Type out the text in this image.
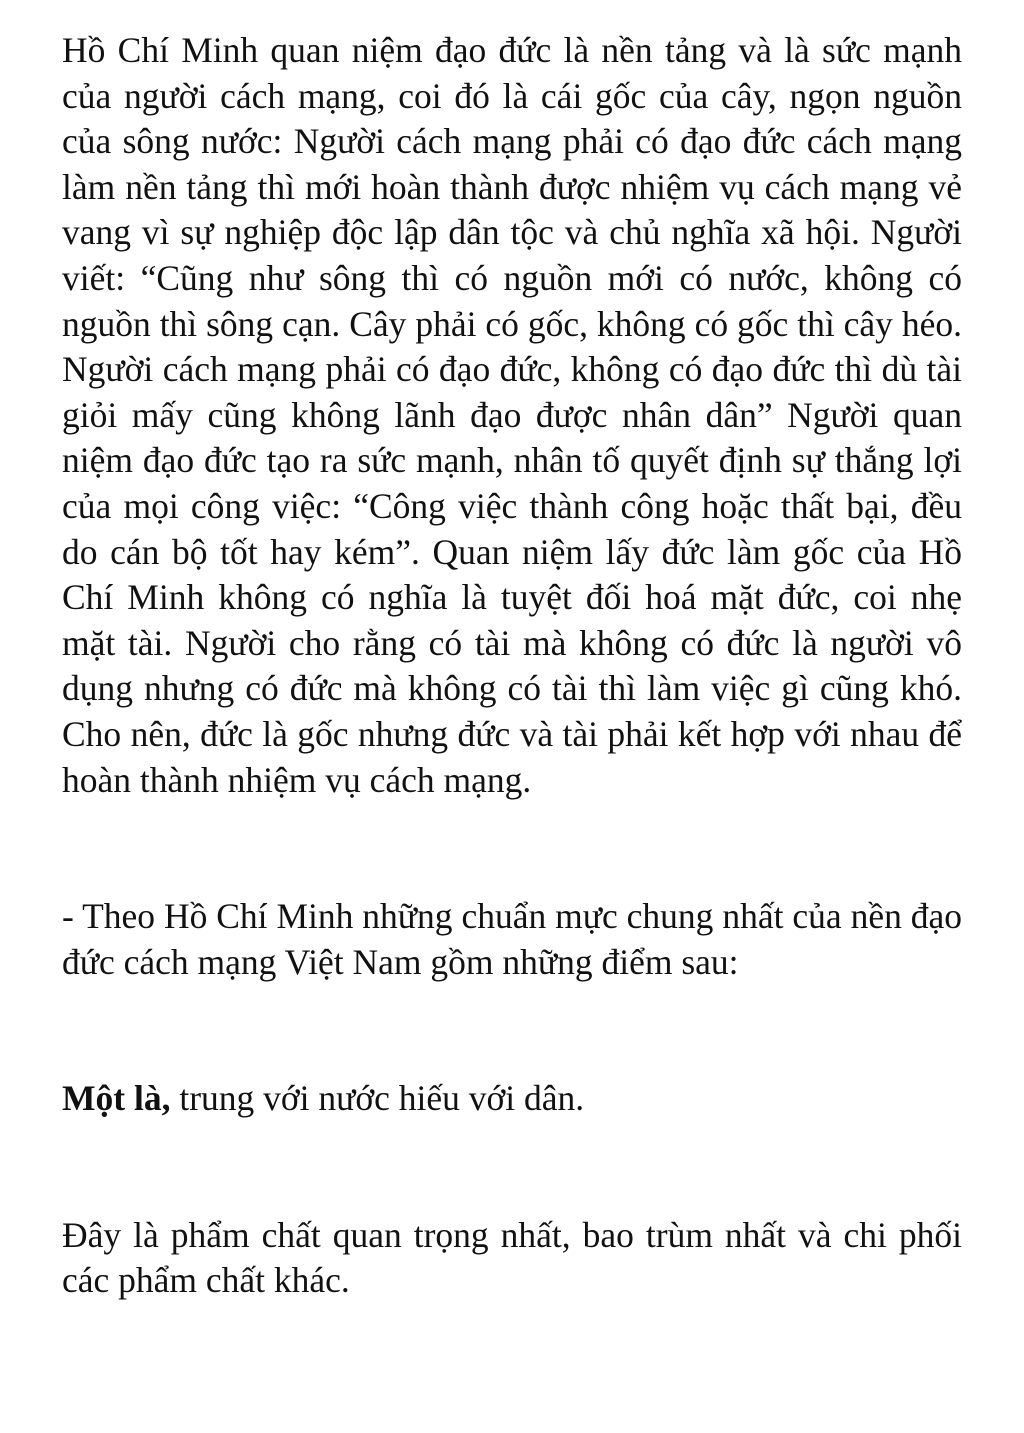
Hồ Chí Minh quan niệm đạo đức là nền tảng và là sức mạnh của người cách mạng, coi đó là cái gốc của cây, ngọn nguồn của sông nước: Người cách mạng phải có đạo đức cách mạng làm nền tảng thì mới hoàn thành được nhiệm vụ cách mạng vẻ vang vì sự nghiệp độc lập dân tộc và chủ nghĩa xã hội. Người viết: “Cũng như sông thì có nguồn mới có nước, không có nguồn thì sông cạn. Cây phải có gốc, không có gốc thì cây héo. Người cách mạng phải có đạo đức, không có đạo đức thì dù tài giỏi mấy cũng không lãnh đạo được nhân dân” Người quan niệm đạo đức tạo ra sức mạnh, nhân tố quyết định sự thắng lợi của mọi công việc: “Công việc thành công hoặc thất bại, đều do cán bộ tốt hay kém”. Quan niệm lấy đức làm gốc của Hồ Chí Minh không có nghĩa là tuyệt đối hoá mặt đức, coi nhẹ mặt tài. Người cho rằng có tài mà không có đức là người vô dụng nhưng có đức mà không có tài thì làm việc gì cũng khó. Cho nên, đức là gốc nhưng đức và tài phải kết hợp với nhau để hoàn thành nhiệm vụ cách mạng.

- Theo Hồ Chí Minh những chuẩn mực chung nhất của nền đạo đức cách mạng Việt Nam gồm những điểm sau:

Một là, trung với nước hiếu với dân.

Đây là phẩm chất quan trọng nhất, bao trùm nhất và chi phối các phẩm chất khác.
